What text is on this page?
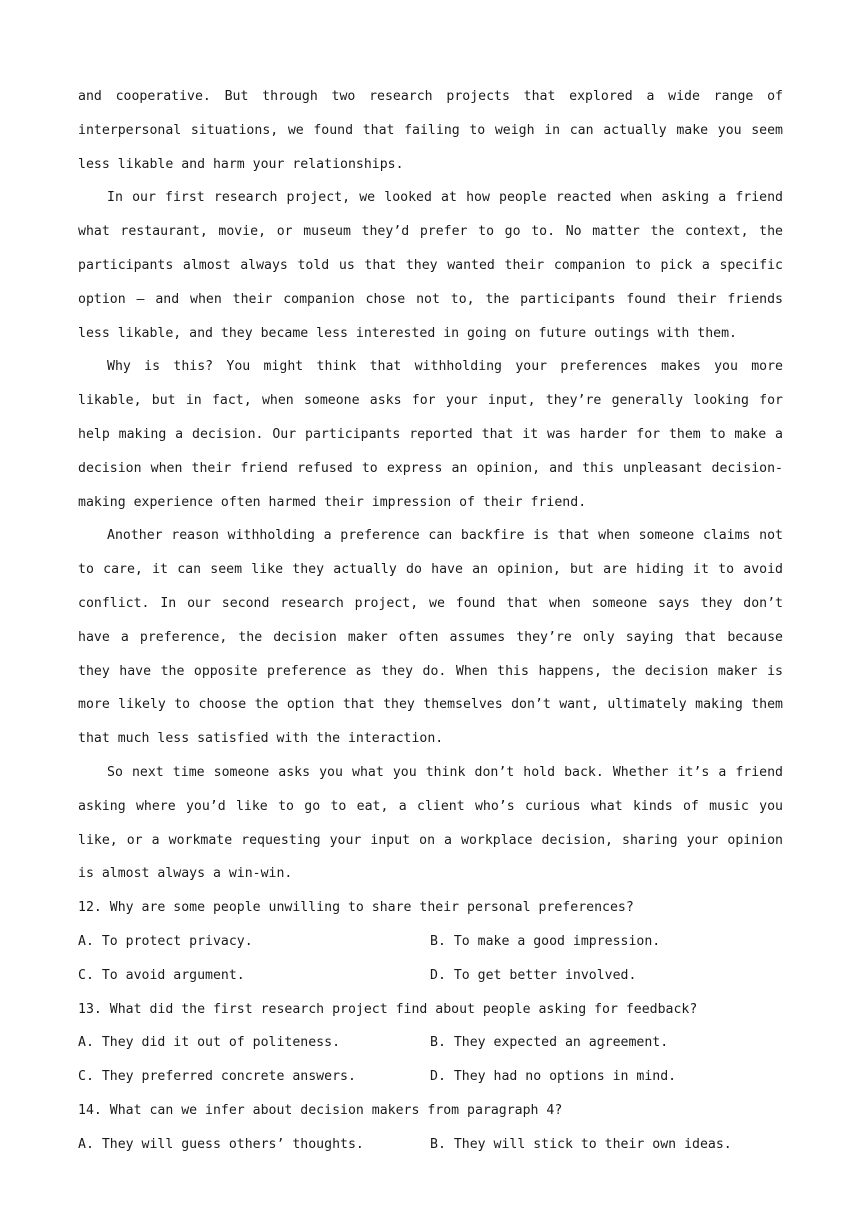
and cooperative. But through two research projects that explored a wide range of interpersonal situations, we found that failing to weigh in can actually make you seem less likable and harm your relationships.

In our first research project, we looked at how people reacted when asking a friend what restaurant, movie, or museum they’d prefer to go to. No matter the context, the participants almost always told us that they wanted their companion to pick a specific option — and when their companion chose not to, the participants found their friends less likable, and they became less interested in going on future outings with them.

Why is this? You might think that withholding your preferences makes you more likable, but in fact, when someone asks for your input, they’re generally looking for help making a decision. Our participants reported that it was harder for them to make a decision when their friend refused to express an opinion, and this unpleasant decision-making experience often harmed their impression of their friend.

Another reason withholding a preference can backfire is that when someone claims not to care, it can seem like they actually do have an opinion, but are hiding it to avoid conflict. In our second research project, we found that when someone says they don’t have a preference, the decision maker often assumes they’re only saying that because they have the opposite preference as they do. When this happens, the decision maker is more likely to choose the option that they themselves don’t want, ultimately making them that much less satisfied with the interaction.

So next time someone asks you what you think don’t hold back. Whether it’s a friend asking where you’d like to go to eat, a client who’s curious what kinds of music you like, or a workmate requesting your input on a workplace decision, sharing your opinion is almost always a win-win.

12. Why are some people unwilling to share their personal preferences?

A. To protect privacy.	B. To make a good impression.
C. To avoid argument.	D. To get better involved.

13. What did the first research project find about people asking for feedback?

A. They did it out of politeness.	B. They expected an agreement.
C. They preferred concrete answers.	D. They had no options in mind.

14. What can we infer about decision makers from paragraph 4?

A. They will guess others’ thoughts.	B. They will stick to their own ideas.
